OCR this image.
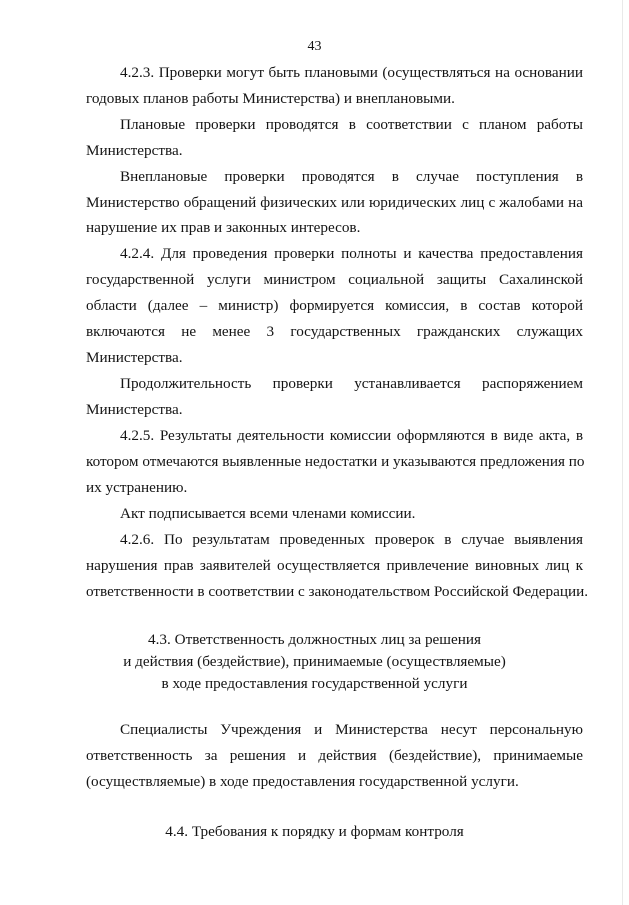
43
4.2.3. Проверки могут быть плановыми (осуществляться на основании
годовых планов работы Министерства) и внеплановыми.
Плановые проверки проводятся в соответствии с планом работы
Министерства.
Внеплановые проверки проводятся в случае поступления в
Министерство обращений физических или юридических лиц с жалобами на
нарушение их прав и законных интересов.
4.2.4. Для проведения проверки полноты и качества предоставления
государственной услуги министром социальной защиты Сахалинской
области (далее – министр) формируется комиссия, в состав которой
включаются не менее 3 государственных гражданских служащих
Министерства.
Продолжительность проверки устанавливается распоряжением
Министерства.
4.2.5. Результаты деятельности комиссии оформляются в виде акта, в
котором отмечаются выявленные недостатки и указываются предложения по
их устранению.
Акт подписывается всеми членами комиссии.
4.2.6. По результатам проведенных проверок в случае выявления
нарушения прав заявителей осуществляется привлечение виновных лиц к
ответственности в соответствии с законодательством Российской Федерации.
4.3. Ответственность должностных лиц за решения
и действия (бездействие), принимаемые (осуществляемые)
в ходе предоставления государственной услуги
Специалисты Учреждения и Министерства несут персональную
ответственность за решения и действия (бездействие), принимаемые
(осуществляемые) в ходе предоставления государственной услуги.
4.4. Требования к порядку и формам контроля
